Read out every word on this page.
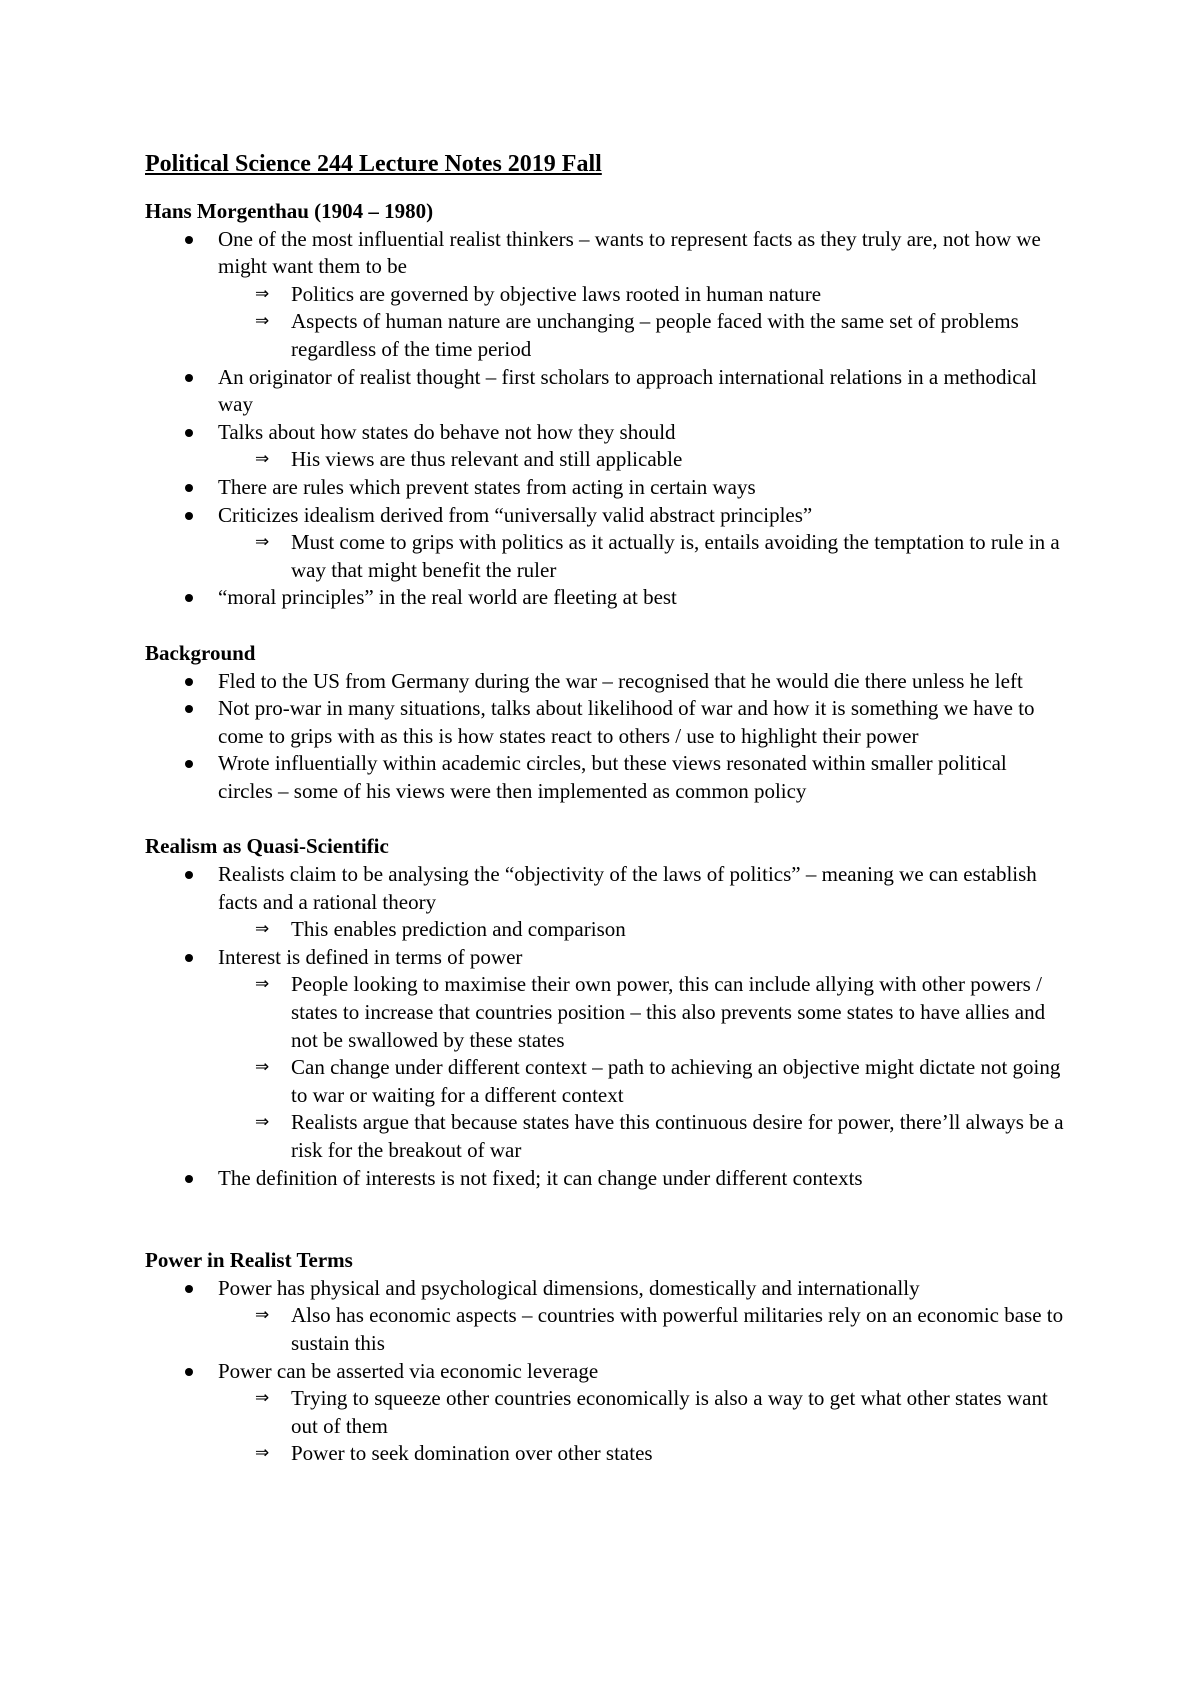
Political Science 244 Lecture Notes 2019 Fall
Hans Morgenthau (1904 – 1980)
One of the most influential realist thinkers – wants to represent facts as they truly are, not how we might want them to be
⇒ Politics are governed by objective laws rooted in human nature
⇒ Aspects of human nature are unchanging – people faced with the same set of problems regardless of the time period
An originator of realist thought – first scholars to approach international relations in a methodical way
Talks about how states do behave not how they should
⇒ His views are thus relevant and still applicable
There are rules which prevent states from acting in certain ways
Criticizes idealism derived from “universally valid abstract principles”
⇒ Must come to grips with politics as it actually is, entails avoiding the temptation to rule in a way that might benefit the ruler
“moral principles” in the real world are fleeting at best
Background
Fled to the US from Germany during the war – recognised that he would die there unless he left
Not pro-war in many situations, talks about likelihood of war and how it is something we have to come to grips with as this is how states react to others / use to highlight their power
Wrote influentially within academic circles, but these views resonated within smaller political circles – some of his views were then implemented as common policy
Realism as Quasi-Scientific
Realists claim to be analysing the “objectivity of the laws of politics” – meaning we can establish facts and a rational theory
⇒ This enables prediction and comparison
Interest is defined in terms of power
⇒ People looking to maximise their own power, this can include allying with other powers / states to increase that countries position – this also prevents some states to have allies and not be swallowed by these states
⇒ Can change under different context – path to achieving an objective might dictate not going to war or waiting for a different context
⇒ Realists argue that because states have this continuous desire for power, there’ll always be a risk for the breakout of war
The definition of interests is not fixed; it can change under different contexts
Power in Realist Terms
Power has physical and psychological dimensions, domestically and internationally
⇒ Also has economic aspects – countries with powerful militaries rely on an economic base to sustain this
Power can be asserted via economic leverage
⇒ Trying to squeeze other countries economically is also a way to get what other states want out of them
⇒ Power to seek domination over other states
